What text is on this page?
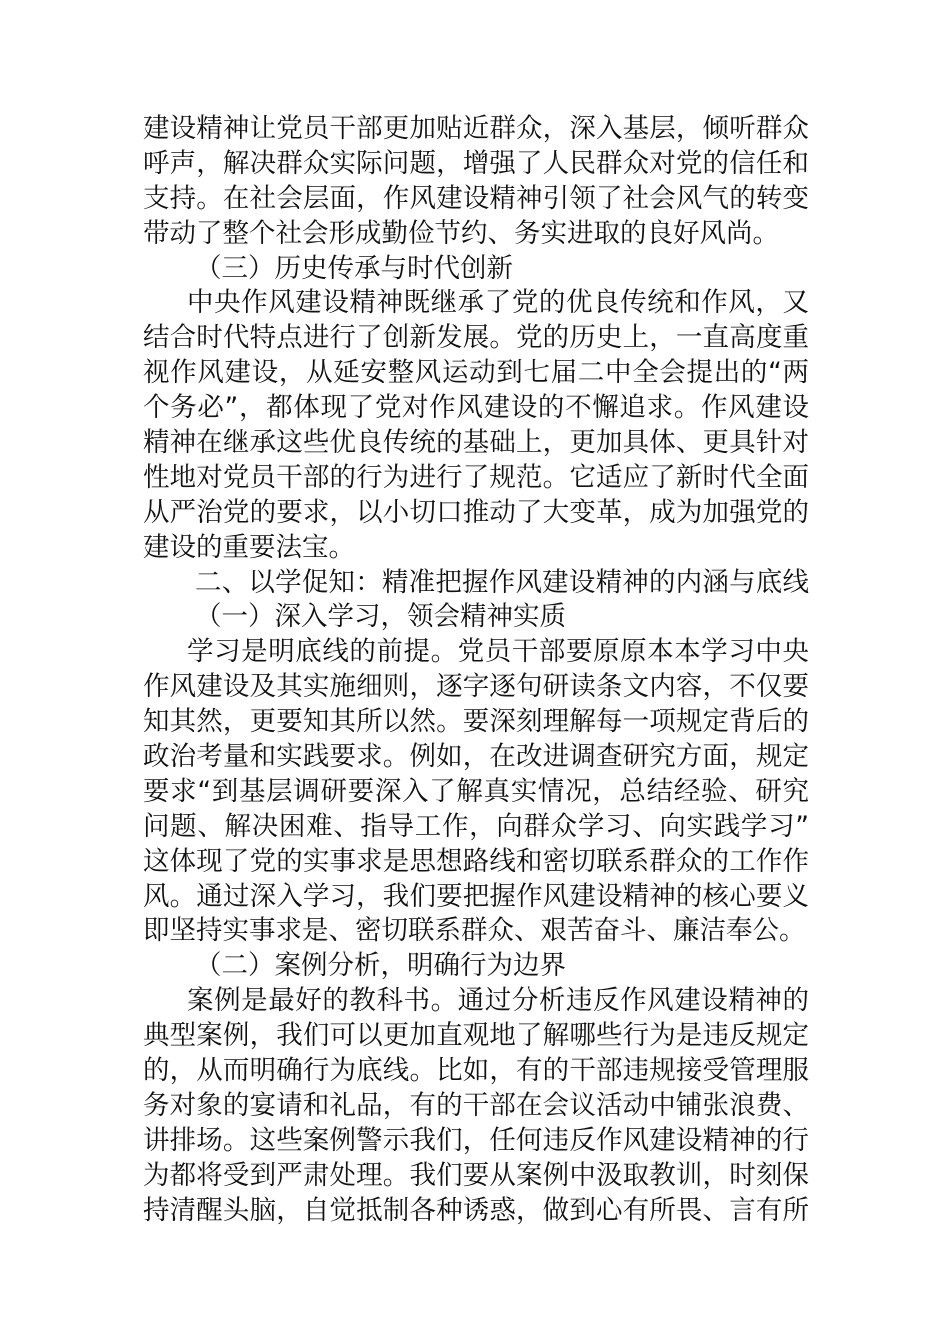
建设精神让党员干部更加贴近群众，深入基层，倾听群众
呼声，解决群众实际问题，增强了人民群众对党的信任和
支持。在社会层面，作风建设精神引领了社会风气的转变
带动了整个社会形成勤俭节约、务实进取的良好风尚。
（三）历史传承与时代创新
中央作风建设精神既继承了党的优良传统和作风，又
结合时代特点进行了创新发展。党的历史上，一直高度重
视作风建设，从延安整风运动到七届二中全会提出的“两
个务必”，都体现了党对作风建设的不懈追求。作风建设
精神在继承这些优良传统的基础上，更加具体、更具针对
性地对党员干部的行为进行了规范。它适应了新时代全面
从严治党的要求，以小切口推动了大变革，成为加强党的
建设的重要法宝。
二、以学促知：精准把握作风建设精神的内涵与底线
（一）深入学习，领会精神实质
学习是明底线的前提。党员干部要原原本本学习中央
作风建设及其实施细则，逐字逐句研读条文内容，不仅要
知其然，更要知其所以然。要深刻理解每一项规定背后的
政治考量和实践要求。例如，在改进调查研究方面，规定
要求“到基层调研要深入了解真实情况，总结经验、研究
问题、解决困难、指导工作，向群众学习、向实践学习”
这体现了党的实事求是思想路线和密切联系群众的工作作
风。通过深入学习，我们要把握作风建设精神的核心要义
即坚持实事求是、密切联系群众、艰苦奋斗、廉洁奉公。
（二）案例分析，明确行为边界
案例是最好的教科书。通过分析违反作风建设精神的
典型案例，我们可以更加直观地了解哪些行为是违反规定
的，从而明确行为底线。比如，有的干部违规接受管理服
务对象的宴请和礼品，有的干部在会议活动中铺张浪费、
讲排场。这些案例警示我们，任何违反作风建设精神的行
为都将受到严肃处理。我们要从案例中汲取教训，时刻保
持清醒头脑，自觉抵制各种诱惑，做到心有所畏、言有所
